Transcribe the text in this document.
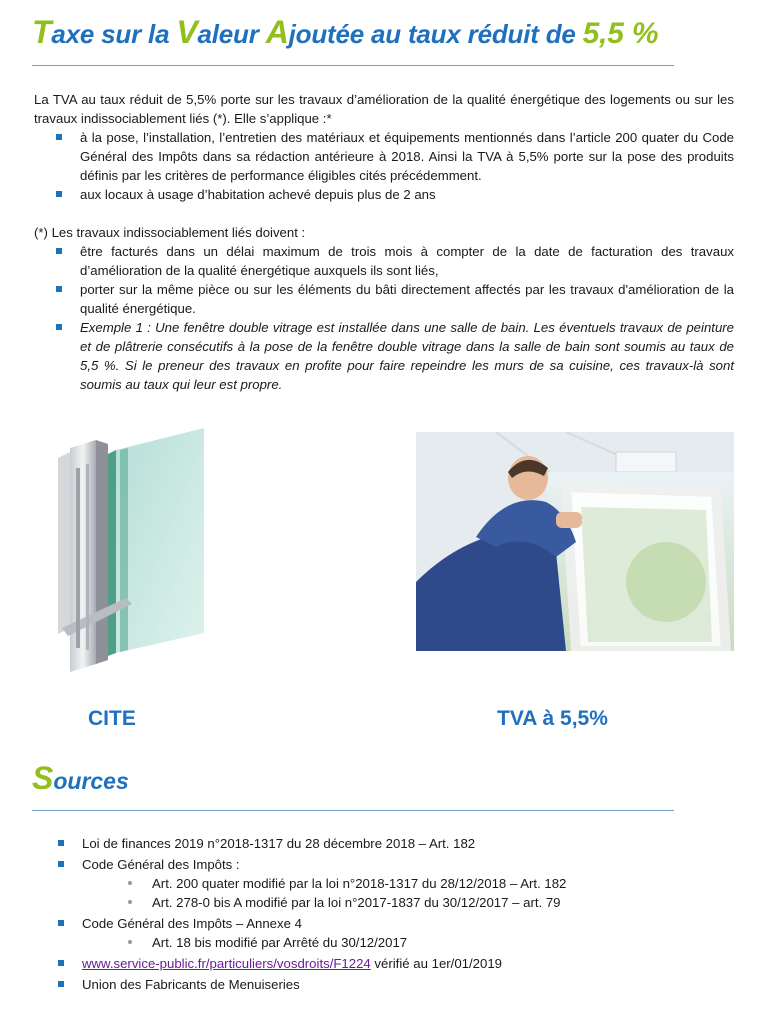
Taxe sur la Valeur Ajoutée au taux réduit de 5,5 %

La TVA au taux réduit de 5,5% porte sur les travaux d’amélioration de la qualité énergétique des logements ou sur les travaux indissociablement liés (*). Elle s’applique :*

à la pose, l’installation, l’entretien des matériaux et équipements mentionnés dans l’article 200 quater du Code Général des Impôts dans sa rédaction antérieure à 2018. Ainsi la TVA à 5,5% porte sur la pose des produits définis par les critères de performance éligibles cités précédemment.
aux locaux à usage d’habitation achevé depuis plus de 2 ans

(*) Les travaux indissociablement liés doivent :

être facturés dans un délai maximum de trois mois à compter de la date de facturation des travaux d’amélioration de la qualité énergétique auxquels ils sont liés,
porter sur la même pièce ou sur les éléments du bâti directement affectés par les travaux d'amélioration de la qualité énergétique.
Exemple 1 : Une fenêtre double vitrage est installée dans une salle de bain. Les éventuels travaux de peinture et de plâtrerie consécutifs à la pose de la fenêtre double vitrage dans la salle de bain sont soumis au taux de 5,5 %. Si le preneur des travaux en profite pour faire repeindre les murs de sa cuisine, ces travaux-là sont soumis au taux qui leur est propre.
CITE	TVA à 5,5%
Sources
Loi de finances 2019 n°2018-1317 du 28 décembre 2018 – Art. 182
Code Général des Impôts :
Art. 200 quater modifié par la loi n°2018-1317 du 28/12/2018 – Art. 182
Art. 278-0 bis A modifié par la loi n°2017-1837 du 30/12/2017 – art. 79
Code Général des Impôts – Annexe 4
Art. 18 bis modifié par Arrêté du 30/12/2017
www.service-public.fr/particuliers/vosdroits/F1224 vérifié au 1er/01/2019
Union des Fabricants de Menuiseries
